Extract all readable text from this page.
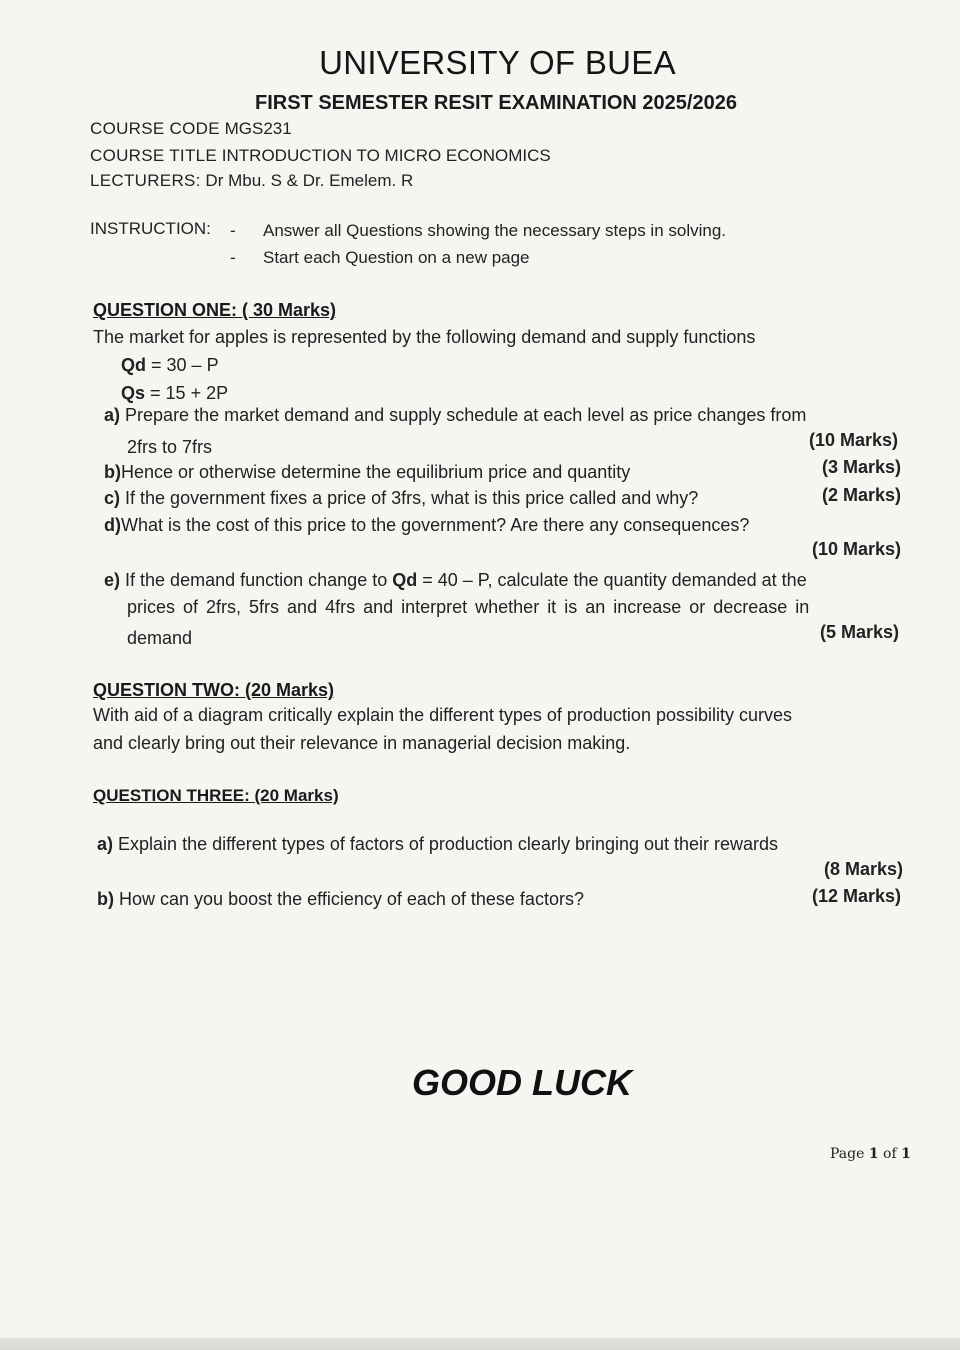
UNIVERSITY OF BUEA
FIRST SEMESTER RESIT EXAMINATION 2025/2026
COURSE CODE MGS231
COURSE TITLE INTRODUCTION TO MICRO ECONOMICS
LECTURERS: Dr Mbu. S & Dr. Emelem. R
INSTRUCTION: - Answer all Questions showing the necessary steps in solving.
- Start each Question on a new page
QUESTION ONE: ( 30 Marks)
The market for apples is represented by the following demand and supply functions
Qd = 30 – P
Qs = 15 + 2P
a) Prepare the market demand and supply schedule at each level as price changes from
2frs to 7frs	(10 Marks)
b)Hence or otherwise determine the equilibrium price and quantity	(3 Marks)
c) If the government fixes a price of 3frs, what is this price called and why?	(2 Marks)
d)What is the cost of this price to the government? Are there any consequences?
(10 Marks)
e) If the demand function change to Qd = 40 – P, calculate the quantity demanded at the
prices of 2frs, 5frs and 4frs and interpret whether it is an increase or decrease in
demand	(5 Marks)
QUESTION TWO: (20 Marks)
With aid of a diagram critically explain the different types of production possibility curves
and clearly bring out their relevance in managerial decision making.
QUESTION THREE: (20 Marks)
a) Explain the different types of factors of production clearly bringing out their rewards
(8 Marks)
b) How can you boost the efficiency of each of these factors?	(12 Marks)
GOOD LUCK
Page 1 of 1
